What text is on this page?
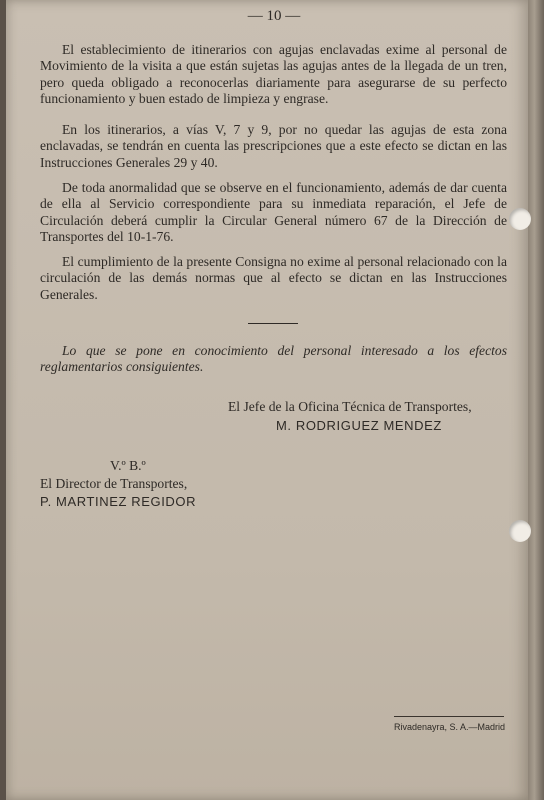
— 10 —
El establecimiento de itinerarios con agujas enclavadas exime al personal de Movimiento de la visita a que están sujetas las agujas antes de la llegada de un tren, pero queda obligado a reconocerlas diariamente para asegurarse de su perfecto funcionamiento y buen estado de limpieza y engrase.
En los itinerarios, a vías V, 7 y 9, por no quedar las agujas de esta zona enclavadas, se tendrán en cuenta las prescripciones que a este efecto se dictan en las Instrucciones Generales 29 y 40.
De toda anormalidad que se observe en el funcionamiento, además de dar cuenta de ella al Servicio correspondiente para su inmediata reparación, el Jefe de Circulación deberá cumplir la Circular General número 67 de la Dirección de Transportes del 10-1-76.
El cumplimiento de la presente Consigna no exime al personal relacionado con la circulación de las demás normas que al efecto se dictan en las Instrucciones Generales.
Lo que se pone en conocimiento del personal interesado a los efectos reglamentarios consiguientes.
El Jefe de la Oficina Técnica de Transportes,
M. RODRIGUEZ MENDEZ
V.º B.º
El Director de Transportes,
P. MARTINEZ REGIDOR
Rivadenayra, S. A.—Madrid
